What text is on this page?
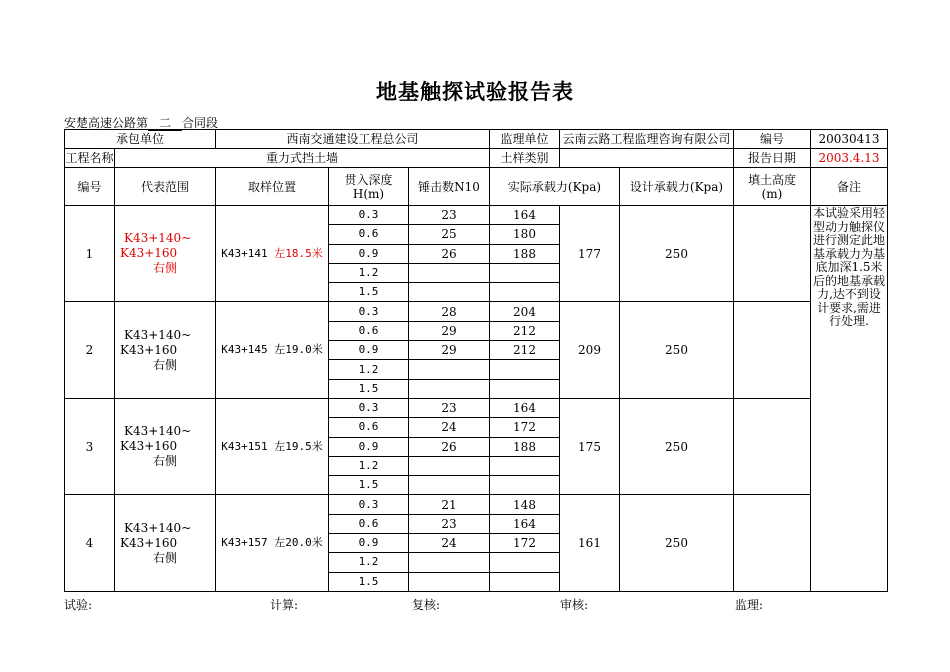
地基触探试验报告表
安楚高速公路第 二 合同段
承包单位		西南交通建设工程总公司			监理单位	云南云路工程监理咨询有限公司		编号	20030413
工程名称	重力式挡土墙				土样类别			报告日期	2003.4.13
编号	代表范围	取样位置	贯入深度
H(m)	锤击数N10	实际承载力(Kpa)		设计承载力(Kpa)	填土高度
(m)	备注
1	K43+140~
K43+160
右侧	K43+141 左18.5米	0.3	23	164	177	250		本试验采用轻型动力触探仪进行测定此地基承载力为基底加深1.5米后的地基承载力,达不到设计要求,需进行处理.
			0.6	25	180				
			0.9	26	188				
			1.2						
			1.5						
2	K43+140~
K43+160
右侧	K43+145 左19.0米	0.3	28	204	209	250		
			0.6	29	212				
			0.9	29	212				
			1.2						
			1.5						
3	K43+140~
K43+160
右侧	K43+151 左19.5米	0.3	23	164	175	250		
			0.6	24	172				
			0.9	26	188				
			1.2						
			1.5						
4	K43+140~
K43+160
右侧	K43+157 左20.0米	0.3	21	148	161	250		
			0.6	23	164				
			0.9	24	172				
			1.2						
			1.5						
试验:	计算:	复核:	审核:	监理:
